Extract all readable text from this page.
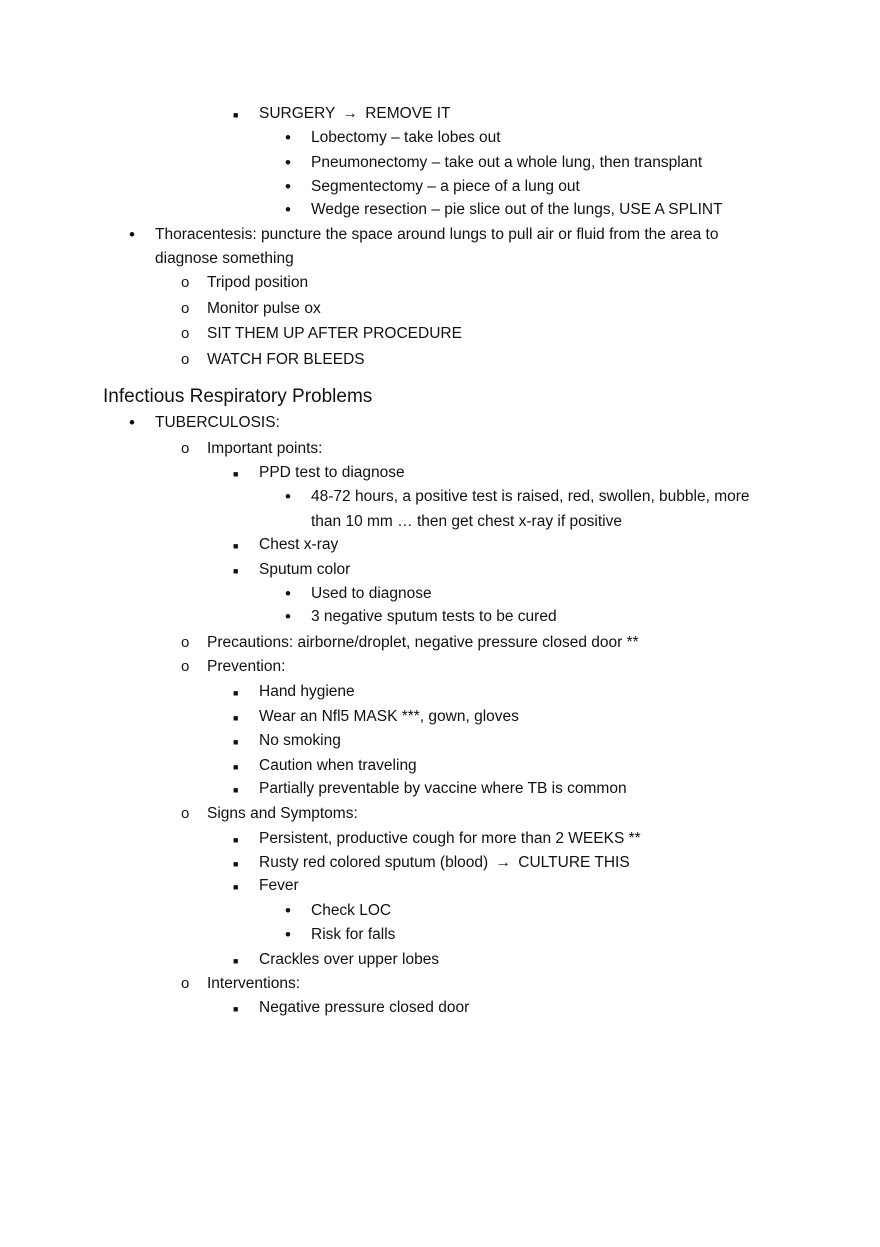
■ SURGERY → REMOVE IT
• Lobectomy – take lobes out
• Pneumonectomy – take out a whole lung, then transplant
• Segmentectomy – a piece of a lung out
• Wedge resection – pie slice out of the lungs, USE A SPLINT
• Thoracentesis: puncture the space around lungs to pull air or fluid from the area to
diagnose something
o Tripod position
o Monitor pulse ox
o SIT THEM UP AFTER PROCEDURE
o WATCH FOR BLEEDS
Infectious Respiratory Problems
• TUBERCULOSIS:
o Important points:
■ PPD test to diagnose
• 48-72 hours, a positive test is raised, red, swollen, bubble, more
than 10 mm … then get chest x-ray if positive
■ Chest x-ray
■ Sputum color
• Used to diagnose
• 3 negative sputum tests to be cured
o Precautions: airborne/droplet, negative pressure closed door **
o Prevention:
■ Hand hygiene
■ Wear an Nfl5 MASK ***, gown, gloves
■ No smoking
■ Caution when traveling
■ Partially preventable by vaccine where TB is common
o Signs and Symptoms:
■ Persistent, productive cough for more than 2 WEEKS **
■ Rusty red colored sputum (blood) → CULTURE THIS
■ Fever
• Check LOC
• Risk for falls
■ Crackles over upper lobes
o Interventions:
■ Negative pressure closed door
